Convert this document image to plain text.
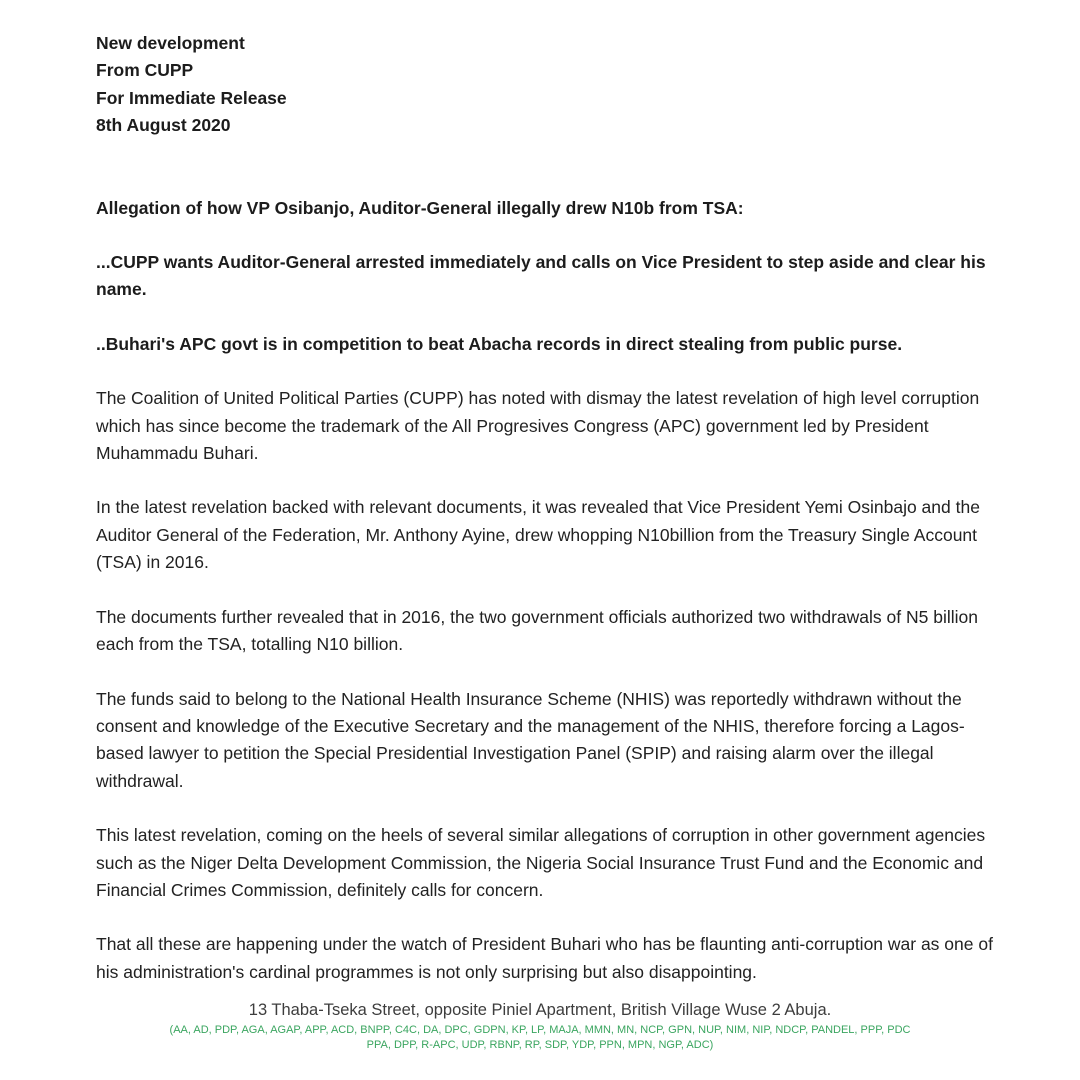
New development
From CUPP
For Immediate Release
8th August 2020
Allegation of how VP Osibanjo, Auditor-General illegally drew N10b from TSA:
...CUPP wants Auditor-General arrested immediately and calls on Vice President to step aside and clear his name.
..Buhari's APC govt is in competition to beat Abacha records in direct stealing from public purse.
The Coalition of United Political Parties (CUPP) has noted with dismay the latest revelation of high level corruption which has since become the trademark of the All Progresives Congress (APC) government led by President Muhammadu Buhari.
In the latest revelation backed with relevant documents, it was revealed that Vice President Yemi Osinbajo and the Auditor General of the Federation, Mr. Anthony Ayine, drew whopping N10billion from the Treasury Single Account (TSA) in 2016.
The documents further revealed that in 2016, the two government officials authorized two withdrawals of N5 billion each from the TSA, totalling N10 billion.
The funds said to belong to the National Health Insurance Scheme (NHIS) was reportedly withdrawn without the consent and knowledge of the Executive Secretary and the management of the NHIS, therefore forcing a Lagos-based lawyer to petition the Special Presidential Investigation Panel (SPIP) and raising alarm over the illegal withdrawal.
This latest revelation, coming on the heels of several similar allegations of corruption in other government agencies such as the Niger Delta Development Commission, the Nigeria Social Insurance Trust Fund and the Economic and Financial Crimes Commission, definitely calls for concern.
That all these are happening under the watch of President Buhari who has be flaunting anti-corruption war as one of his administration's cardinal programmes is not only surprising but also disappointing.
13 Thaba-Tseka Street, opposite Piniel Apartment, British Village Wuse 2 Abuja.
(AA, AD, PDP, AGA, AGAP, APP, ACD, BNPP, C4C, DA, DPC, GDPN, KP, LP, MAJA, MMN, MN, NCP, GPN, NUP, NIM, NIP, NDCP, PANDEL, PPP, PDC
PPA, DPP, R-APC, UDP, RBNP, RP, SDP, YDP, PPN, MPN, NGP, ADC)
